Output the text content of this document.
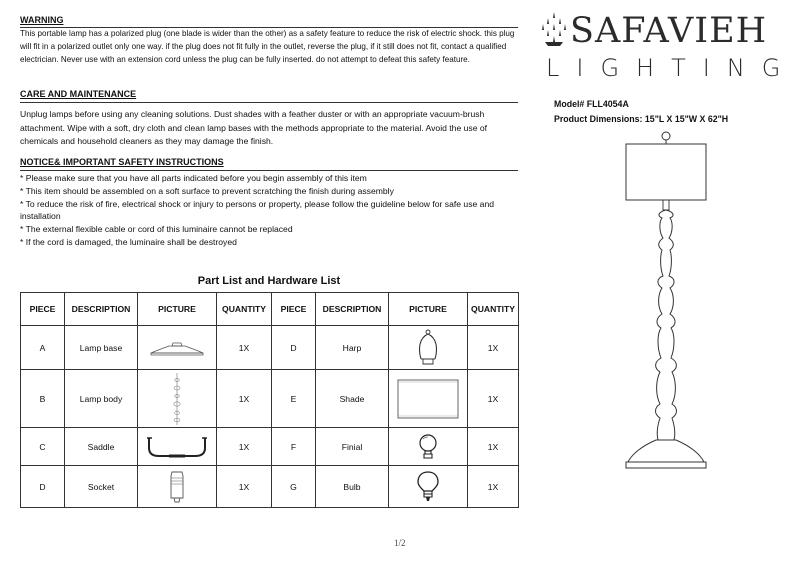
WARNING
This portable lamp has a polarized plug (one blade is wider than the other) as a safety feature to reduce the risk of electric shock. this plug will fit in a polarized outlet only one way. if the plug does not fit fully in the outlet, reverse the plug, if it still does not fit, contact a qualified electrician. Never use with an extension cord unless the plug can be fully inserted. do not attempt to defeat this safety feature.
CARE AND MAINTENANCE
Unplug lamps before using any cleaning solutions. Dust shades with a feather duster or with an appropriate vacuum-brush attachment. Wipe with a soft, dry cloth and clean lamp bases with the methods appropriate to the material. Avoid the use of chemicals and household cleaners as they may damage the finish.
NOTICE& IMPORTANT SAFETY INSTRUCTIONS

* Please make sure that you have all parts indicated before you begin assembly of this item

* This item should be assembled on a soft surface to prevent scratching the finish during assembly

* To reduce the risk of fire, electrical shock or injury to persons or property, please follow the guideline below for safe use and installation

* The external flexible cable or cord of this luminaire cannot be replaced

* If the cord is damaged, the luminaire shall be destroyed

Part List and Hardware List
PIECE	DESCRIPTION	PICTURE	QUANTITY	PIECE	DESCRIPTION	PICTURE	QUANTITY
A	Lamp base		1X	D	Harp		1X
B	Lamp body		1X	E	Shade		1X
C	Saddle		1X	F	Finial		1X
D	Socket		1X	G	Bulb		1X
SAFAVIEH
LIGHTING
Model# FLL4054A
Product Dimensions: 15"L X 15"W X 62"H
1/2
